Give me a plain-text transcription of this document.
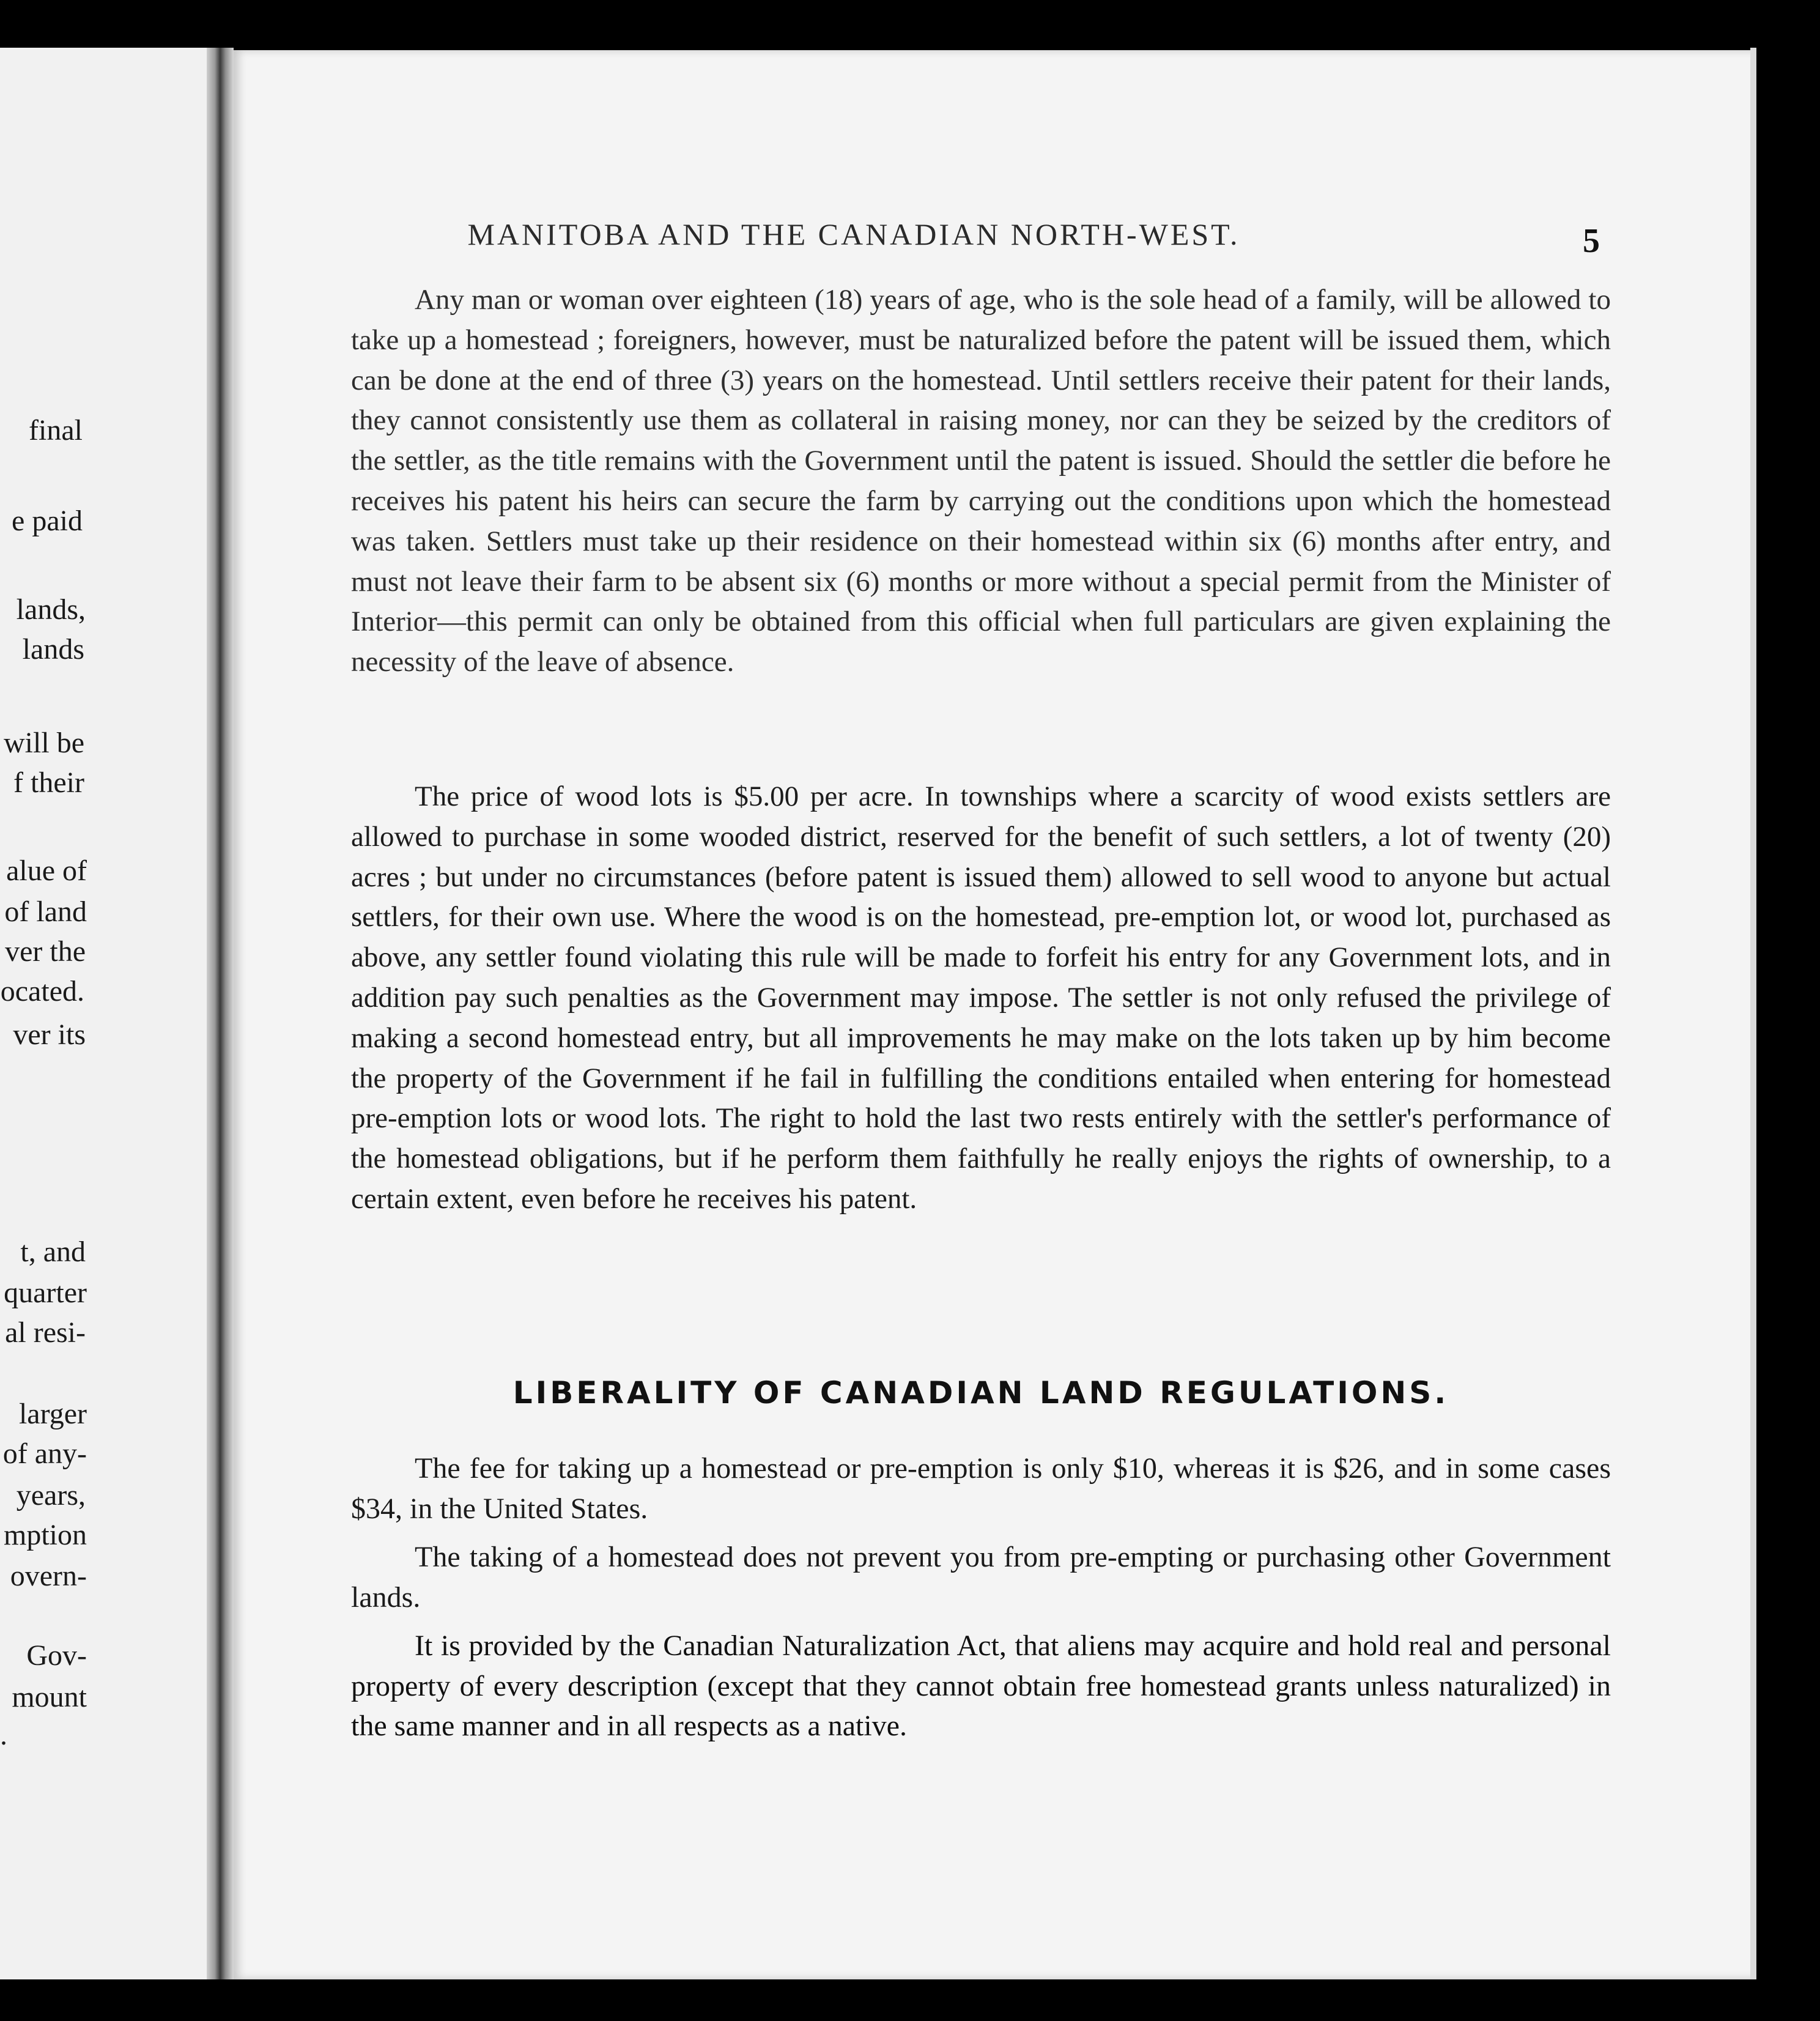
final
e paid
lands,
lands
will be
f their
alue of
of land
ver the
ocated.
ver its
t, and
quarter
al resi-
larger
of any-
years,
mption
overn-
Gov-
mount
.
MANITOBA AND THE CANADIAN NORTH-WEST.	5

Any man or woman over eighteen (18) years of age, who is the sole head of a family, will be allowed to take up a homestead ; foreigners, however, must be naturalized before the patent will be issued them, which can be done at the end of three (3) years on the homestead. Until settlers receive their patent for their lands, they cannot consistently use them as collateral in raising money, nor can they be seized by the creditors of the settler, as the title remains with the Government until the patent is issued. Should the settler die before he receives his patent his heirs can secure the farm by carrying out the conditions upon which the homestead was taken. Settlers must take up their residence on their homestead within six (6) months after entry, and must not leave their farm to be absent six (6) months or more without a special permit from the Minister of Interior—this permit can only be obtained from this official when full particulars are given explaining the necessity of the leave of absence.

The price of wood lots is $5.00 per acre. In townships where a scarcity of wood exists settlers are allowed to purchase in some wooded district, reserved for the benefit of such settlers, a lot of twenty (20) acres ; but under no circumstances (before patent is issued them) allowed to sell wood to anyone but actual settlers, for their own use. Where the wood is on the homestead, pre-emption lot, or wood lot, purchased as above, any settler found violating this rule will be made to forfeit his entry for any Government lots, and in addition pay such penalties as the Government may impose. The settler is not only refused the privilege of making a second homestead entry, but all improvements he may make on the lots taken up by him become the property of the Government if he fail in fulfilling the conditions entailed when entering for homestead pre-emption lots or wood lots. The right to hold the last two rests entirely with the settler's performance of the homestead obligations, but if he perform them faithfully he really enjoys the rights of ownership, to a certain extent, even before he receives his patent.

LIBERALITY OF CANADIAN LAND REGULATIONS.

The fee for taking up a homestead or pre-emption is only $10, whereas it is $26, and in some cases $34, in the United States.

The taking of a homestead does not prevent you from pre-empting or purchasing other Government lands.

It is provided by the Canadian Naturalization Act, that aliens may acquire and hold real and personal property of every description (except that they cannot obtain free homestead grants unless naturalized) in the same manner and in all respects as a native.
